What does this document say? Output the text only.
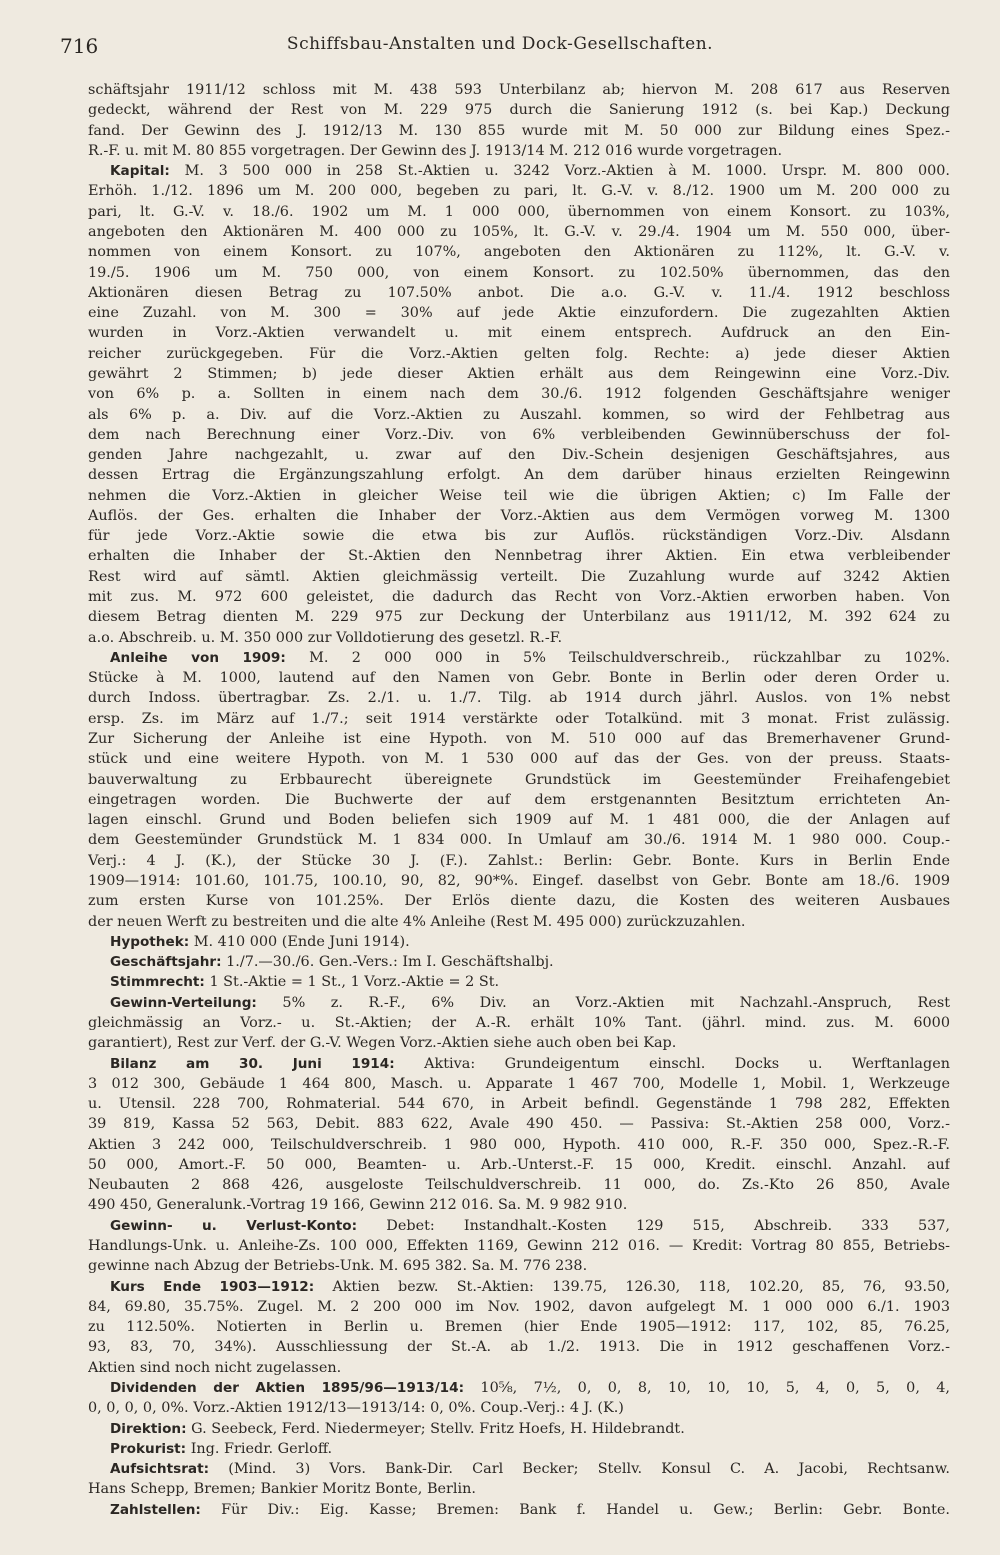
716	Schiffsbau-Anstalten und Dock-Gesellschaften.

schäftsjahr 1911/12 schloss mit M. 438 593 Unterbilanz ab; hiervon M. 208 617 aus Reserven

gedeckt, während der Rest von M. 229 975 durch die Sanierung 1912 (s. bei Kap.) Deckung

fand. Der Gewinn des J. 1912/13 M. 130 855 wurde mit M. 50 000 zur Bildung eines Spez.-

R.-F. u. mit M. 80 855 vorgetragen. Der Gewinn des J. 1913/14 M. 212 016 wurde vorgetragen.

Kapital: M. 3 500 000 in 258 St.-Aktien u. 3242 Vorz.-Aktien à M. 1000. Urspr. M. 800 000.

Erhöh. 1./12. 1896 um M. 200 000, begeben zu pari, lt. G.-V. v. 8./12. 1900 um M. 200 000 zu

pari, lt. G.-V. v. 18./6. 1902 um M. 1 000 000, übernommen von einem Konsort. zu 103%,

angeboten den Aktionären M. 400 000 zu 105%, lt. G.-V. v. 29./4. 1904 um M. 550 000, über-

nommen von einem Konsort. zu 107%, angeboten den Aktionären zu 112%, lt. G.-V. v.

19./5. 1906 um M. 750 000, von einem Konsort. zu 102.50% übernommen, das den

Aktionären diesen Betrag zu 107.50% anbot. Die a.o. G.-V. v. 11./4. 1912 beschloss

eine Zuzahl. von M. 300 = 30% auf jede Aktie einzufordern. Die zugezahlten Aktien

wurden in Vorz.-Aktien verwandelt u. mit einem entsprech. Aufdruck an den Ein-

reicher zurückgegeben. Für die Vorz.-Aktien gelten folg. Rechte: a) jede dieser Aktien

gewährt 2 Stimmen; b) jede dieser Aktien erhält aus dem Reingewinn eine Vorz.-Div.

von 6% p. a. Sollten in einem nach dem 30./6. 1912 folgenden Geschäftsjahre weniger

als 6% p. a. Div. auf die Vorz.-Aktien zu Auszahl. kommen, so wird der Fehlbetrag aus

dem nach Berechnung einer Vorz.-Div. von 6% verbleibenden Gewinnüberschuss der fol-

genden Jahre nachgezahlt, u. zwar auf den Div.-Schein desjenigen Geschäftsjahres, aus

dessen Ertrag die Ergänzungszahlung erfolgt. An dem darüber hinaus erzielten Reingewinn

nehmen die Vorz.-Aktien in gleicher Weise teil wie die übrigen Aktien; c) Im Falle der

Auflös. der Ges. erhalten die Inhaber der Vorz.-Aktien aus dem Vermögen vorweg M. 1300

für jede Vorz.-Aktie sowie die etwa bis zur Auflös. rückständigen Vorz.-Div. Alsdann

erhalten die Inhaber der St.-Aktien den Nennbetrag ihrer Aktien. Ein etwa verbleibender

Rest wird auf sämtl. Aktien gleichmässig verteilt. Die Zuzahlung wurde auf 3242 Aktien

mit zus. M. 972 600 geleistet, die dadurch das Recht von Vorz.-Aktien erworben haben. Von

diesem Betrag dienten M. 229 975 zur Deckung der Unterbilanz aus 1911/12, M. 392 624 zu

a.o. Abschreib. u. M. 350 000 zur Volldotierung des gesetzl. R.-F.

Anleihe von 1909: M. 2 000 000 in 5% Teilschuldverschreib., rückzahlbar zu 102%.

Stücke à M. 1000, lautend auf den Namen von Gebr. Bonte in Berlin oder deren Order u.

durch Indoss. übertragbar. Zs. 2./1. u. 1./7. Tilg. ab 1914 durch jährl. Auslos. von 1% nebst

ersp. Zs. im März auf 1./7.; seit 1914 verstärkte oder Totalkünd. mit 3 monat. Frist zulässig.

Zur Sicherung der Anleihe ist eine Hypoth. von M. 510 000 auf das Bremerhavener Grund-

stück und eine weitere Hypoth. von M. 1 530 000 auf das der Ges. von der preuss. Staats-

bauverwaltung zu Erbbaurecht übereignete Grundstück im Geestemünder Freihafengebiet

eingetragen worden. Die Buchwerte der auf dem erstgenannten Besitztum errichteten An-

lagen einschl. Grund und Boden beliefen sich 1909 auf M. 1 481 000, die der Anlagen auf

dem Geestemünder Grundstück M. 1 834 000. In Umlauf am 30./6. 1914 M. 1 980 000. Coup.-

Verj.: 4 J. (K.), der Stücke 30 J. (F.). Zahlst.: Berlin: Gebr. Bonte. Kurs in Berlin Ende

1909—1914: 101.60, 101.75, 100.10, 90, 82, 90*%. Eingef. daselbst von Gebr. Bonte am 18./6. 1909

zum ersten Kurse von 101.25%. Der Erlös diente dazu, die Kosten des weiteren Ausbaues

der neuen Werft zu bestreiten und die alte 4% Anleihe (Rest M. 495 000) zurückzuzahlen.

Hypothek: M. 410 000 (Ende Juni 1914).

Geschäftsjahr: 1./7.—30./6. Gen.-Vers.: Im I. Geschäftshalbj.

Stimmrecht: 1 St.-Aktie = 1 St., 1 Vorz.-Aktie = 2 St.

Gewinn-Verteilung: 5% z. R.-F., 6% Div. an Vorz.-Aktien mit Nachzahl.-Anspruch, Rest

gleichmässig an Vorz.- u. St.-Aktien; der A.-R. erhält 10% Tant. (jährl. mind. zus. M. 6000

garantiert), Rest zur Verf. der G.-V. Wegen Vorz.-Aktien siehe auch oben bei Kap.

Bilanz am 30. Juni 1914: Aktiva: Grundeigentum einschl. Docks u. Werftanlagen

3 012 300, Gebäude 1 464 800, Masch. u. Apparate 1 467 700, Modelle 1, Mobil. 1, Werkzeuge

u. Utensil. 228 700, Rohmaterial. 544 670, in Arbeit befindl. Gegenstände 1 798 282, Effekten

39 819, Kassa 52 563, Debit. 883 622, Avale 490 450. — Passiva: St.-Aktien 258 000, Vorz.-

Aktien 3 242 000, Teilschuldverschreib. 1 980 000, Hypoth. 410 000, R.-F. 350 000, Spez.-R.-F.

50 000, Amort.-F. 50 000, Beamten- u. Arb.-Unterst.-F. 15 000, Kredit. einschl. Anzahl. auf

Neubauten 2 868 426, ausgeloste Teilschuldverschreib. 11 000, do. Zs.-Kto 26 850, Avale

490 450, Generalunk.-Vortrag 19 166, Gewinn 212 016. Sa. M. 9 982 910.

Gewinn- u. Verlust-Konto: Debet: Instandhalt.-Kosten 129 515, Abschreib. 333 537,

Handlungs-Unk. u. Anleihe-Zs. 100 000, Effekten 1169, Gewinn 212 016. — Kredit: Vortrag 80 855, Betriebs-

gewinne nach Abzug der Betriebs-Unk. M. 695 382. Sa. M. 776 238.

Kurs Ende 1903—1912: Aktien bezw. St.-Aktien: 139.75, 126.30, 118, 102.20, 85, 76, 93.50,

84, 69.80, 35.75%. Zugel. M. 2 200 000 im Nov. 1902, davon aufgelegt M. 1 000 000 6./1. 1903

zu 112.50%. Notierten in Berlin u. Bremen (hier Ende 1905—1912: 117, 102, 85, 76.25,

93, 83, 70, 34%). Ausschliessung der St.-A. ab 1./2. 1913. Die in 1912 geschaffenen Vorz.-

Aktien sind noch nicht zugelassen.

Dividenden der Aktien 1895/96—1913/14: 10⅝, 7½, 0, 0, 8, 10, 10, 10, 5, 4, 0, 5, 0, 4,

0, 0, 0, 0, 0%. Vorz.-Aktien 1912/13—1913/14: 0, 0%. Coup.-Verj.: 4 J. (K.)

Direktion: G. Seebeck, Ferd. Niedermeyer; Stellv. Fritz Hoefs, H. Hildebrandt.

Prokurist: Ing. Friedr. Gerloff.

Aufsichtsrat: (Mind. 3) Vors. Bank-Dir. Carl Becker; Stellv. Konsul C. A. Jacobi, Rechtsanw.

Hans Schepp, Bremen; Bankier Moritz Bonte, Berlin.

Zahlstellen: Für Div.: Eig. Kasse; Bremen: Bank f. Handel u. Gew.; Berlin: Gebr. Bonte.
